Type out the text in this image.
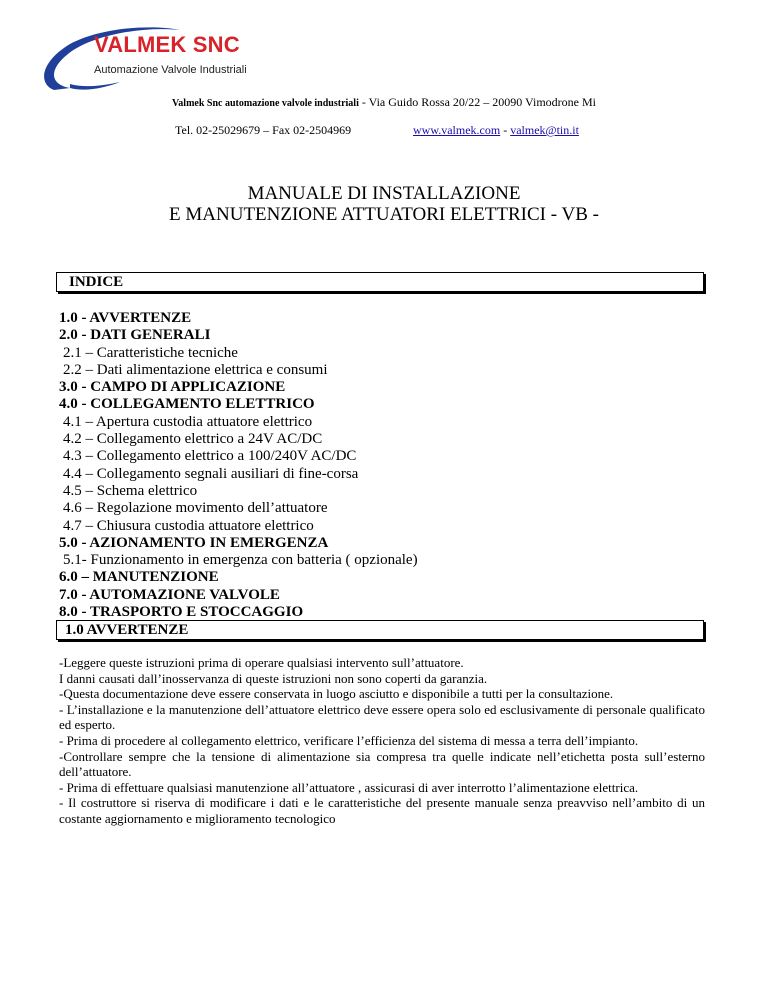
VALMEK SNC
Automazione Valvole Industriali
Valmek Snc automazione valvole industriali - Via Guido Rossa 20/22 – 20090 Vimodrone Mi
Tel. 02-25029679 – Fax 02-2504969	www.valmek.com - valmek@tin.it
MANUALE DI INSTALLAZIONE
E MANUTENZIONE ATTUATORI ELETTRICI - VB -
INDICE
1.0 - AVVERTENZE
2.0 - DATI GENERALI
2.1 – Caratteristiche tecniche
2.2 – Dati alimentazione elettrica e consumi
3.0 - CAMPO DI APPLICAZIONE
4.0 - COLLEGAMENTO ELETTRICO
4.1 – Apertura custodia attuatore elettrico
4.2 – Collegamento elettrico a 24V AC/DC
4.3 – Collegamento elettrico a 100/240V AC/DC
4.4 – Collegamento segnali ausiliari di fine-corsa
4.5 – Schema elettrico
4.6 – Regolazione movimento dell’attuatore
4.7 – Chiusura custodia attuatore elettrico
5.0 - AZIONAMENTO IN EMERGENZA
5.1- Funzionamento in emergenza con batteria ( opzionale)
6.0 – MANUTENZIONE
7.0 - AUTOMAZIONE VALVOLE
8.0 - TRASPORTO E STOCCAGGIO
1.0 AVVERTENZE

-Leggere queste istruzioni prima di operare qualsiasi intervento sull’attuatore.

I danni causati dall’inosservanza di queste istruzioni non sono coperti da garanzia.

-Questa documentazione deve essere conservata in luogo asciutto e disponibile a tutti per la consultazione.

- L’installazione e la manutenzione dell’attuatore elettrico deve essere opera solo ed esclusivamente di personale qualificato ed esperto.

- Prima di procedere al collegamento elettrico, verificare l’efficienza del sistema di messa a terra dell’impianto.

-Controllare sempre che la tensione di alimentazione sia compresa tra quelle indicate nell’etichetta posta sull’esterno dell’attuatore.

- Prima di effettuare qualsiasi manutenzione all’attuatore , assicurasi di aver interrotto l’alimentazione elettrica.

- Il costruttore si riserva di modificare i dati e le caratteristiche del presente manuale senza preavviso nell’ambito di un costante aggiornamento e miglioramento tecnologico
